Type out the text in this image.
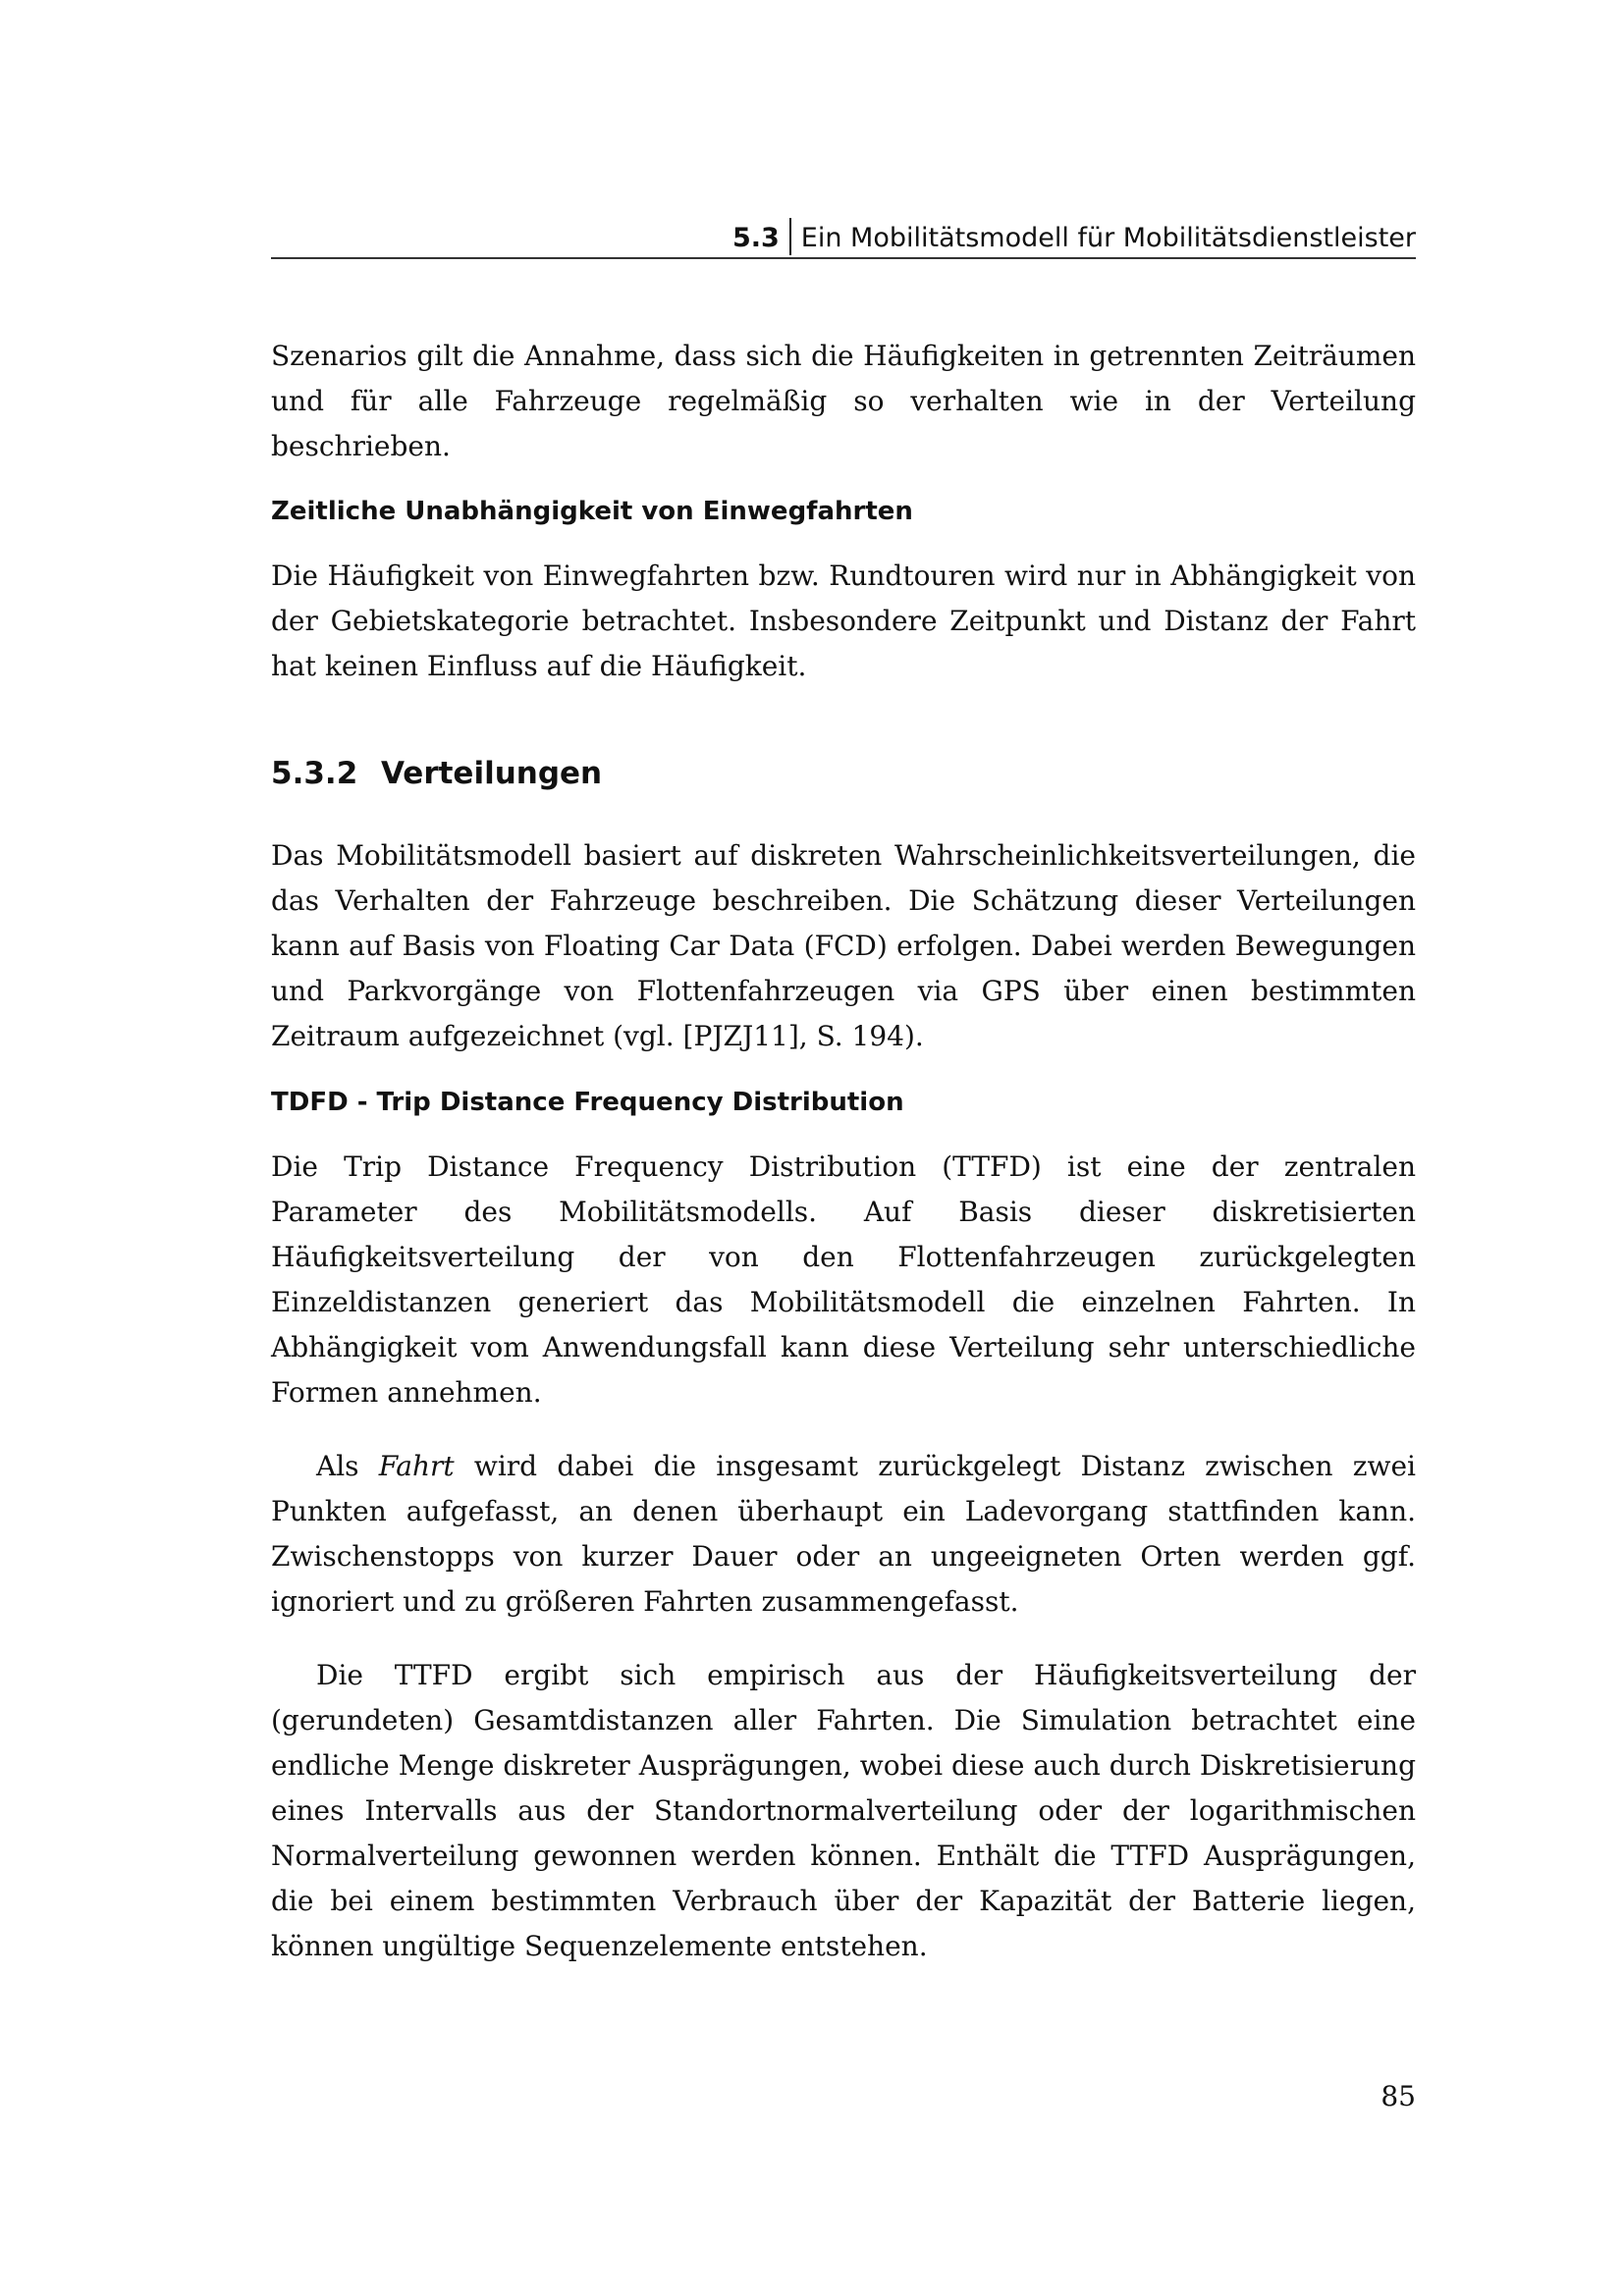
5.3 Ein Mobilitätsmodell für Mobilitätsdienstleister

Szenarios gilt die Annahme, dass sich die Häufigkeiten in getrennten Zeiträumen und für alle Fahrzeuge regelmäßig so verhalten wie in der Verteilung beschrieben.

Zeitliche Unabhängigkeit von Einwegfahrten

Die Häufigkeit von Einwegfahrten bzw. Rundtouren wird nur in Abhängigkeit von der Gebietskategorie betrachtet. Insbesondere Zeitpunkt und Distanz der Fahrt hat keinen Einfluss auf die Häufigkeit.

5.3.2 Verteilungen

Das Mobilitätsmodell basiert auf diskreten Wahrscheinlichkeitsverteilungen, die das Verhalten der Fahrzeuge beschreiben. Die Schätzung dieser Verteilungen kann auf Basis von Floating Car Data (FCD) erfolgen. Dabei werden Bewegungen und Parkvorgänge von Flottenfahrzeugen via GPS über einen bestimmten Zeitraum aufgezeichnet (vgl. [PJZJ11], S. 194).

TDFD - Trip Distance Frequency Distribution

Die Trip Distance Frequency Distribution (TTFD) ist eine der zentralen Parameter des Mobilitätsmodells. Auf Basis dieser diskretisierten Häufigkeitsverteilung der von den Flottenfahrzeugen zurückgelegten Einzeldistanzen generiert das Mobilitätsmodell die einzelnen Fahrten. In Abhängigkeit vom Anwendungsfall kann diese Verteilung sehr unterschiedliche Formen annehmen.

Als Fahrt wird dabei die insgesamt zurückgelegt Distanz zwischen zwei Punkten aufgefasst, an denen überhaupt ein Ladevorgang stattfinden kann. Zwischenstopps von kurzer Dauer oder an ungeeigneten Orten werden ggf. ignoriert und zu größeren Fahrten zusammengefasst.

Die TTFD ergibt sich empirisch aus der Häufigkeitsverteilung der (gerundeten) Gesamtdistanzen aller Fahrten. Die Simulation betrachtet eine endliche Menge diskreter Ausprägungen, wobei diese auch durch Diskretisierung eines Intervalls aus der Standortnormalverteilung oder der logarithmischen Normalverteilung gewonnen werden können. Enthält die TTFD Ausprägungen, die bei einem bestimmten Verbrauch über der Kapazität der Batterie liegen, können ungültige Sequenzelemente entstehen.

85
